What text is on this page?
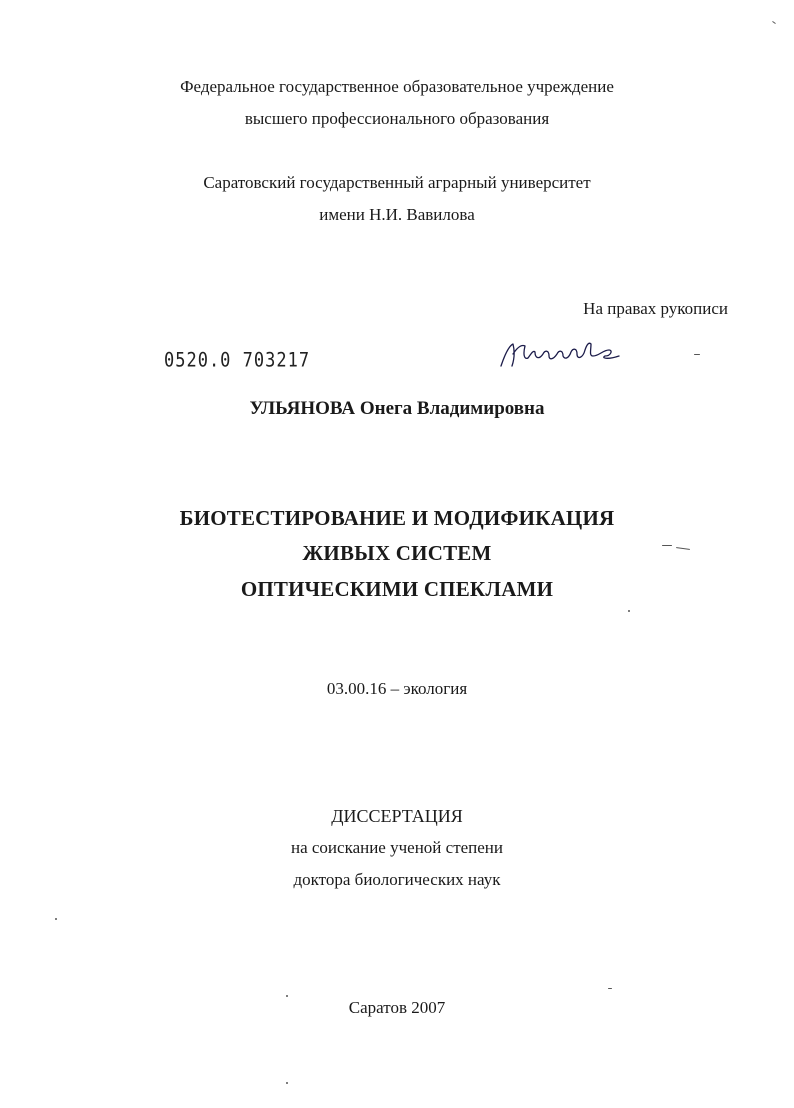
Федеральное государственное образовательное учреждение
высшего профессионального образования
Саратовский государственный аграрный университет
имени Н.И. Вавилова
На правах рукописи
0520.0 703217
УЛЬЯНОВА Онега Владимировна
БИОТЕСТИРОВАНИЕ И МОДИФИКАЦИЯ
ЖИВЫХ СИСТЕМ
ОПТИЧЕСКИМИ СПЕКЛАМИ
03.00.16 – экология
ДИССЕРТАЦИЯ
на соискание ученой степени
доктора биологических наук
Саратов 2007
